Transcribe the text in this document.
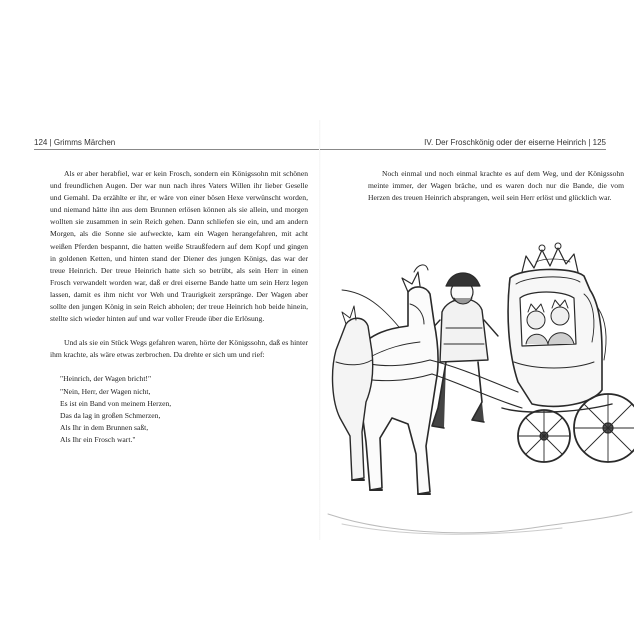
124 | Grimms Märchen

Als er aber herabfiel, war er kein Frosch, sondern ein Königssohn mit schönen und freundlichen Augen. Der war nun nach ihres Vaters Willen ihr lieber Geselle und Gemahl. Da erzählte er ihr, er wäre von einer bösen Hexe verwünscht worden, und niemand hätte ihn aus dem Brunnen erlösen können als sie allein, und morgen wollten sie zusammen in sein Reich gehen. Dann schliefen sie ein, und am andern Morgen, als die Sonne sie aufweckte, kam ein Wagen herangefahren, mit acht weißen Pferden bespannt, die hatten weiße Straußfedern auf dem Kopf und gingen in goldenen Ketten, und hinten stand der Diener des jungen Königs, das war der treue Heinrich. Der treue Heinrich hatte sich so betrübt, als sein Herr in einen Frosch verwandelt worden war, daß er drei eiserne Bande hatte um sein Herz legen lassen, damit es ihm nicht vor Weh und Traurigkeit zerspränge. Der Wagen aber sollte den jungen König in sein Reich abholen; der treue Heinrich hob beide hinein, stellte sich wieder hinten auf und war voller Freude über die Erlösung.

Und als sie ein Stück Wegs gefahren waren, hörte der Königssohn, daß es hinter ihm krachte, als wäre etwas zerbrochen. Da drehte er sich um und rief:

"Heinrich, der Wagen bricht!"
"Nein, Herr, der Wagen nicht,
Es ist ein Band von meinem Herzen,
Das da lag in großen Schmerzen,
Als Ihr in dem Brunnen saßt,
Als Ihr ein Frosch wart."
IV. Der Froschkönig oder der eiserne Heinrich | 125

Noch einmal und noch einmal krachte es auf dem Weg, und der Königssohn meinte immer, der Wagen bräche, und es waren doch nur die Bande, die vom Herzen des treuen Heinrich absprangen, weil sein Herr erlöst und glücklich war.
